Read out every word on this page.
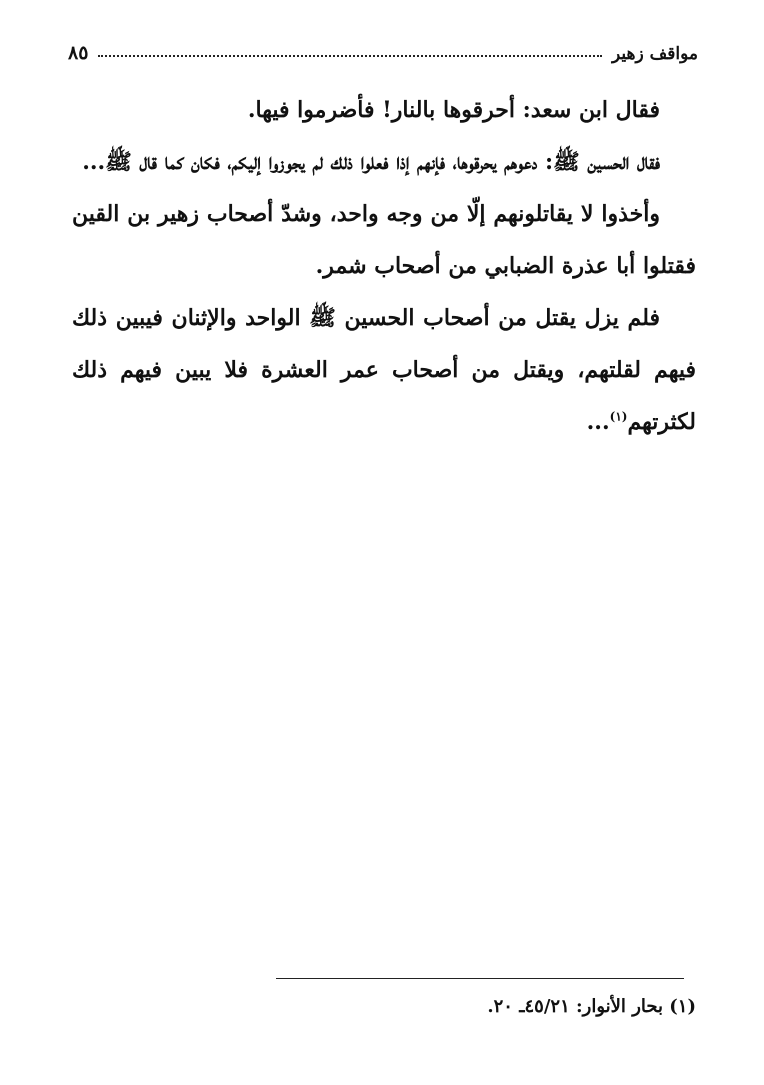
مواقف زهير
٨٥

فقال ابن سعد: أحرقوها بالنار! فأضرموا فيها.

فقال الحسين ﷺ: دعوهم يحرقوها، فإنهم إذا فعلوا ذلك لم يجوزوا إليكم، فكان كما قال ﷺ...

وأخذوا لا يقاتلونهم إلّا من وجه واحد، وشدّ أصحاب زهير بن القين فقتلوا أبا عذرة الضبابي من أصحاب شمر.

فلم يزل يقتل من أصحاب الحسين ﷺ الواحد والإثنان فيبين ذلك فيهم لقلتهم، ويقتل من أصحاب عمر العشرة فلا يبين فيهم ذلك لكثرتهم$^{(١)}$...

(١) بحار الأنوار: ٤٥/٢١ـ ٢٠.
